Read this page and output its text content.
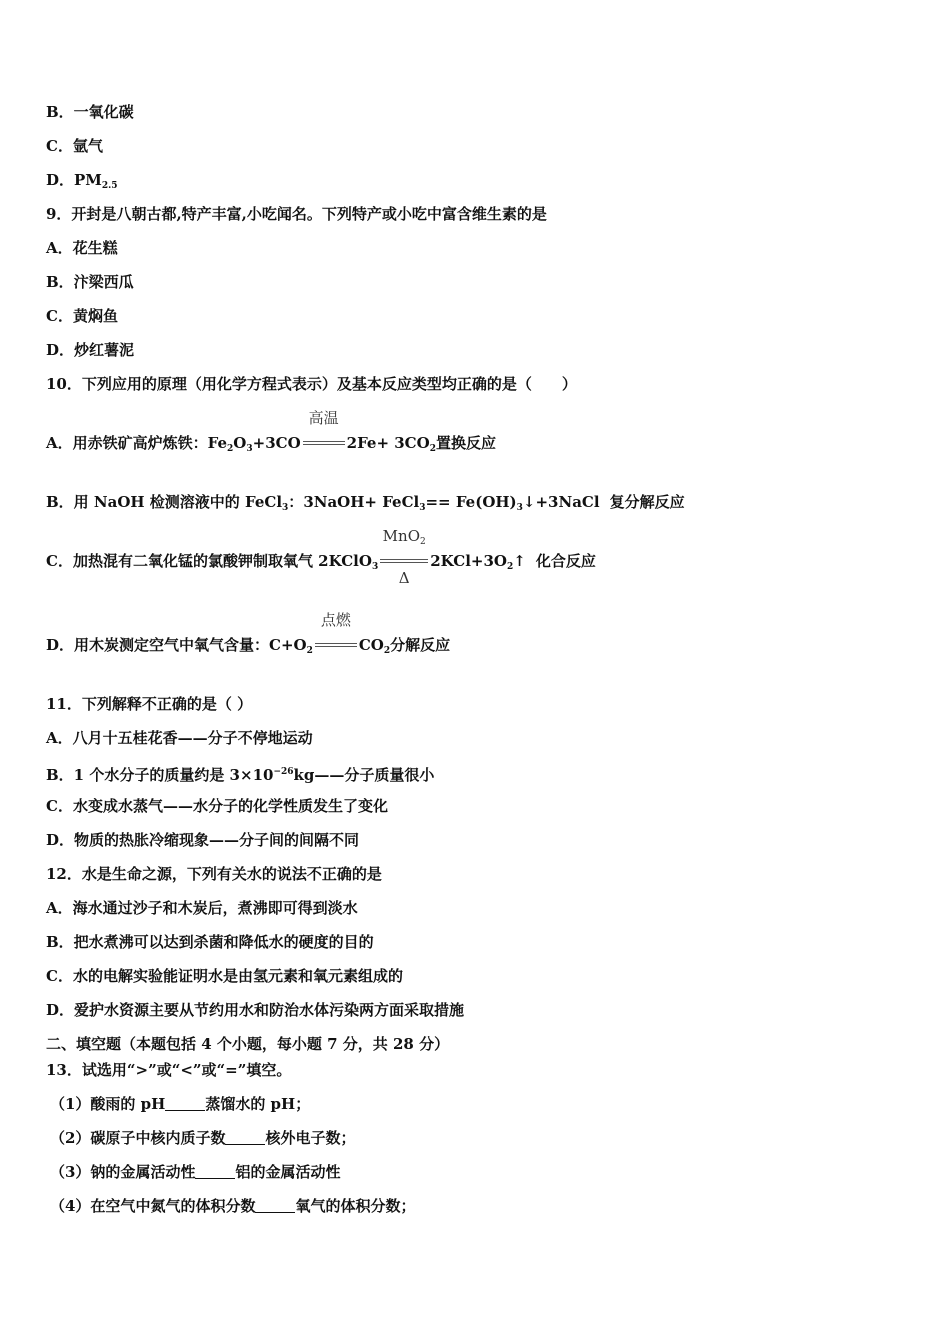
B．一氧化碳
C．氩气
D．$PM_{2.5}$
9．开封是八朝古都,特产丰富,小吃闻名。下列特产或小吃中富含维生素的是
A．花生糕
B．汴梁西瓜
C．黄焖鱼
D．炒红薯泥
10．下列应用的原理（用化学方程式表示）及基本反应类型均正确的是（　　）
A．用赤铁矿高炉炼铁：$Fe_2O_3+3CO$
高温
$2Fe+ 3CO_2$置换反应
B．用 NaOH 检测溶液中的 FeCl$_3$：3NaOH+ FeCl$_3$== $Fe(OH)_3↓+3NaCl$ 复分解反应
C．加热混有二氧化锰的氯酸钾制取氧气 2KClO$_3$
MnO$_2$
Δ
$2KCl+3O_2↑$ 化合反应
D．用木炭测定空气中氧气含量：$C+O_2$
点燃
$CO_2$分解反应
11．下列解释不正确的是（ ）
A．八月十五桂花香——分子不停地运动
B．1 个水分子的质量约是 $3\times 10^{-26}kg——$分子质量很小
C．水变成水蒸气——水分子的化学性质发生了变化
D．物质的热胀冷缩现象——分子间的间隔不同
12．水是生命之源，下列有关水的说法不正确的是
A．海水通过沙子和木炭后，煮沸即可得到淡水
B．把水煮沸可以达到杀菌和降低水的硬度的目的
C．水的电解实验能证明水是由氢元素和氧元素组成的
D．爱护水资源主要从节约用水和防治水体污染两方面采取措施
二、填空题（本题包括 4 个小题，每小题 7 分，共 28 分）
13．试选用“>”或“<”或“=”填空。
（1）酸雨的 pH	蒸馏水的 pH；
（2）碳原子中核内质子数	核外电子数；
（3）钠的金属活动性	铝的金属活动性
（4）在空气中氮气的体积分数	氧气的体积分数；
